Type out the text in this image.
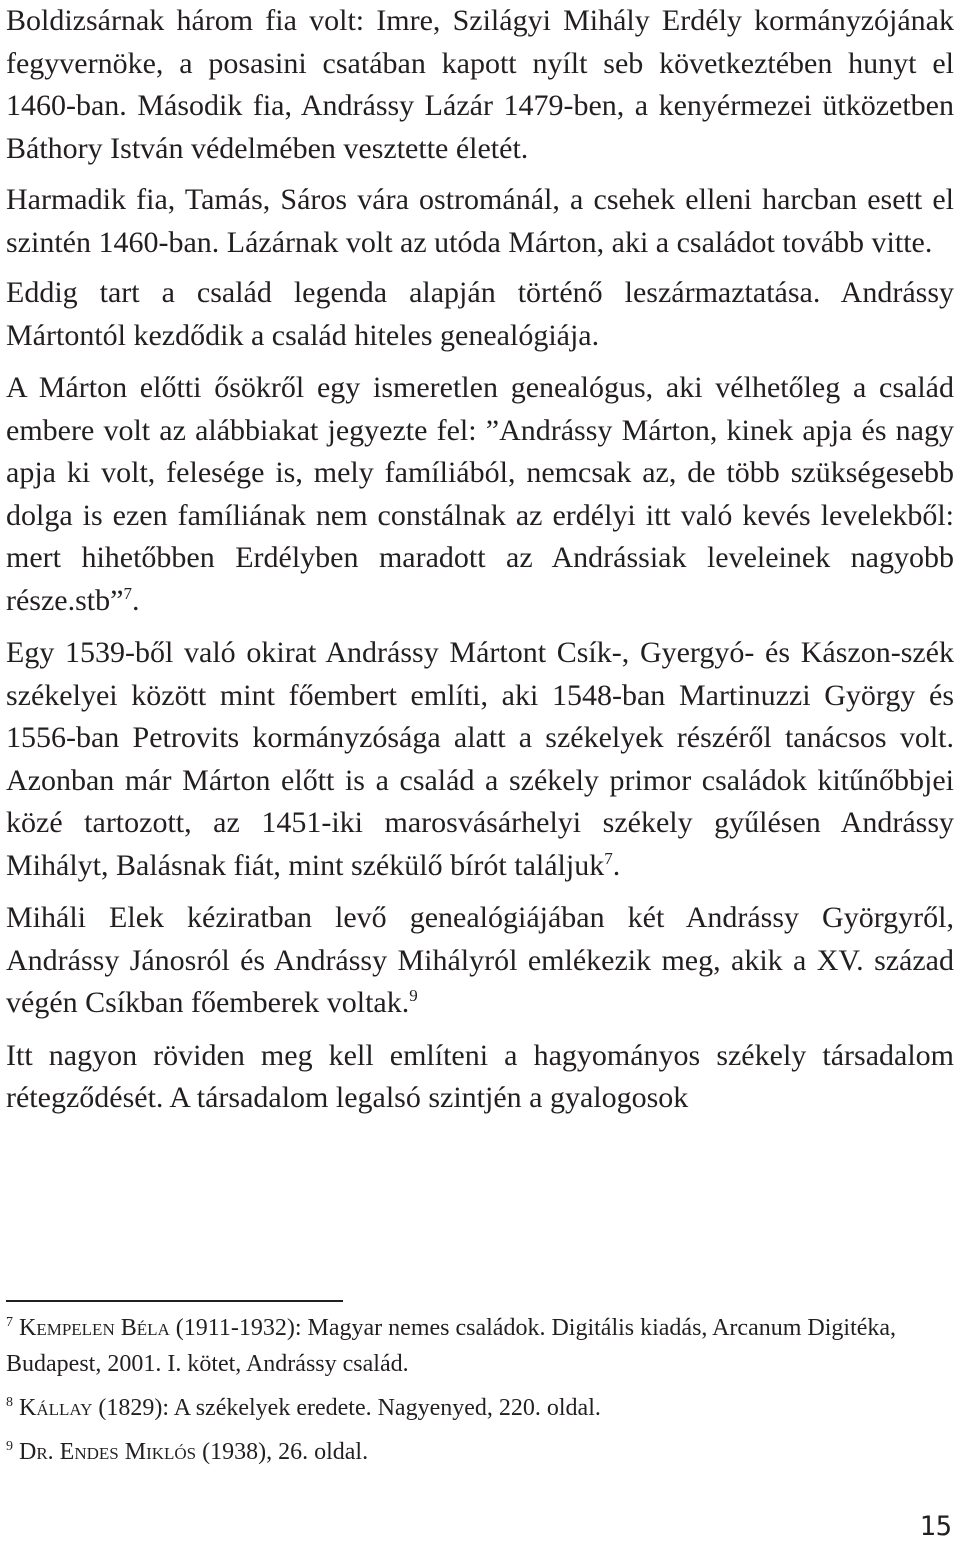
Boldizsárnak három fia volt: Imre, Szilágyi Mihály Erdély kormányzójának fegyvernöke, a posasini csatában kapott nyílt seb következtében hunyt el 1460-ban. Második fia, Andrássy Lázár 1479-ben, a kenyérmezei ütközetben Báthory István védelmében vesztette életét.

Harmadik fia, Tamás, Sáros vára ostrománál, a csehek elleni harcban esett el szintén 1460-ban. Lázárnak volt az utóda Márton, aki a családot tovább vitte.

Eddig tart a család legenda alapján történő leszármaztatása. Andrássy Mártontól kezdődik a család hiteles genealógiája.

A Márton előtti ősökről egy ismeretlen genealógus, aki vélhetőleg a család embere volt az alábbiakat jegyezte fel: ”Andrássy Márton, kinek apja és nagy apja ki volt, felesége is, mely famíliából, nemcsak az, de több szükségesebb dolga is ezen famíliának nem constálnak az erdélyi itt való kevés levelekből: mert hihetőbben Erdélyben maradott az Andrássiak leveleinek nagyobb része.stb”$^7$.

Egy 1539-ből való okirat Andrássy Mártont Csík-, Gyergyó- és Kászon-szék székelyei között mint főembert említi, aki 1548-ban Martinuzzi György és 1556-ban Petrovits kormányzósága alatt a székelyek részéről tanácsos volt. Azonban már Márton előtt is a család a székely primor családok kitűnőbbjei közé tartozott, az 1451-iki marosvásárhelyi székely gyűlésen Andrássy Mihályt, Balásnak fiát, mint székülő bírót találjuk$^7$.

Miháli Elek kéziratban levő genealógiájában két Andrássy Györgyről, Andrássy Jánosról és Andrássy Mihályról emlékezik meg, akik a XV. század végén Csíkban főemberek voltak.$^9$

Itt nagyon röviden meg kell említeni a hagyományos székely társadalom rétegződését. A társadalom legalsó szintjén a gyalogosok

$^7$ Kempelen Béla (1911-1932): Magyar nemes családok. Digitális kiadás, Arcanum Digitéka, Budapest, 2001. I. kötet, Andrássy család.

$^8$ Kállay (1829): A székelyek eredete. Nagyenyed, 220. oldal.

$^9$ Dr. Endes Miklós (1938), 26. oldal.

15
